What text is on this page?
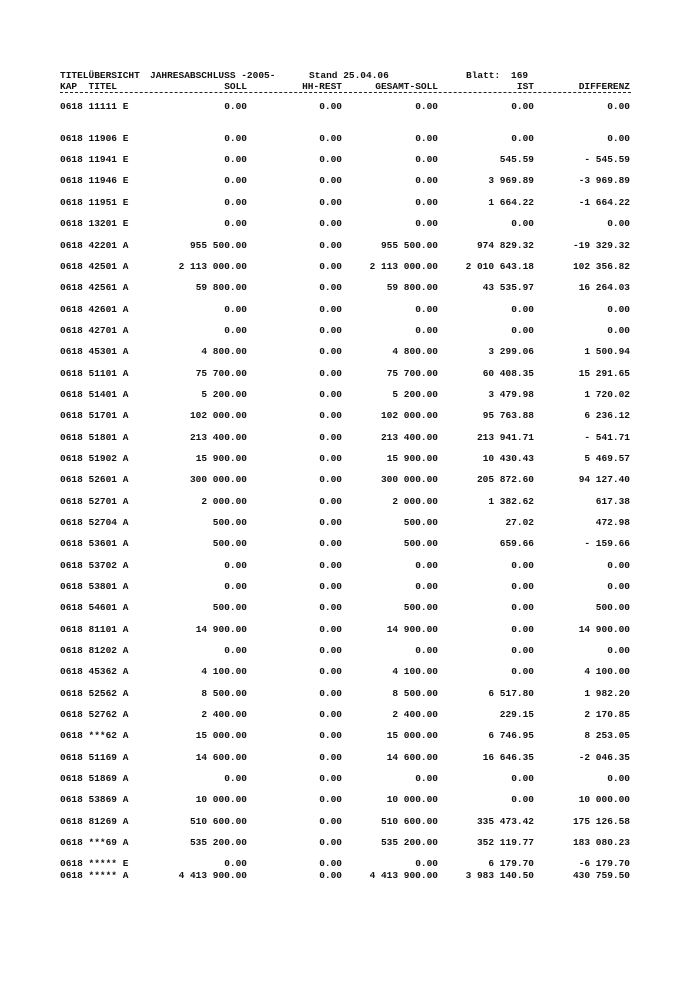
TITELÜBERSICHT JAHRESABSCHLUSS -2005-	Stand 25.04.06	Blatt: 169
KAP  TITEL	SOLL	HH-REST	GESAMT-SOLL	IST	DIFFERENZ
0618 11111 E	0.00	0.00	0.00	0.00	0.00
0618 11906 E	0.00	0.00	0.00	0.00	0.00
0618 11941 E	0.00	0.00	0.00	545.59	- 545.59
0618 11946 E	0.00	0.00	0.00	3 969.89	-3 969.89
0618 11951 E	0.00	0.00	0.00	1 664.22	-1 664.22
0618 13201 E	0.00	0.00	0.00	0.00	0.00
0618 42201 A	955 500.00	0.00	955 500.00	974 829.32	-19 329.32
0618 42501 A	2 113 000.00	0.00	2 113 000.00	2 010 643.18	102 356.82
0618 42561 A	59 800.00	0.00	59 800.00	43 535.97	16 264.03
0618 42601 A	0.00	0.00	0.00	0.00	0.00
0618 42701 A	0.00	0.00	0.00	0.00	0.00
0618 45301 A	4 800.00	0.00	4 800.00	3 299.06	1 500.94
0618 51101 A	75 700.00	0.00	75 700.00	60 408.35	15 291.65
0618 51401 A	5 200.00	0.00	5 200.00	3 479.98	1 720.02
0618 51701 A	102 000.00	0.00	102 000.00	95 763.88	6 236.12
0618 51801 A	213 400.00	0.00	213 400.00	213 941.71	- 541.71
0618 51902 A	15 900.00	0.00	15 900.00	10 430.43	5 469.57
0618 52601 A	300 000.00	0.00	300 000.00	205 872.60	94 127.40
0618 52701 A	2 000.00	0.00	2 000.00	1 382.62	617.38
0618 52704 A	500.00	0.00	500.00	27.02	472.98
0618 53601 A	500.00	0.00	500.00	659.66	- 159.66
0618 53702 A	0.00	0.00	0.00	0.00	0.00
0618 53801 A	0.00	0.00	0.00	0.00	0.00
0618 54601 A	500.00	0.00	500.00	0.00	500.00
0618 81101 A	14 900.00	0.00	14 900.00	0.00	14 900.00
0618 81202 A	0.00	0.00	0.00	0.00	0.00
0618 45362 A	4 100.00	0.00	4 100.00	0.00	4 100.00
0618 52562 A	8 500.00	0.00	8 500.00	6 517.80	1 982.20
0618 52762 A	2 400.00	0.00	2 400.00	229.15	2 170.85
0618 ***62 A	15 000.00	0.00	15 000.00	6 746.95	8 253.05
0618 51169 A	14 600.00	0.00	14 600.00	16 646.35	-2 046.35
0618 51869 A	0.00	0.00	0.00	0.00	0.00
0618 53869 A	10 000.00	0.00	10 000.00	0.00	10 000.00
0618 81269 A	510 600.00	0.00	510 600.00	335 473.42	175 126.58
0618 ***69 A	535 200.00	0.00	535 200.00	352 119.77	183 080.23
0618 ***** E	0.00	0.00	0.00	6 179.70	-6 179.70
0618 ***** A	4 413 900.00	0.00	4 413 900.00	3 983 140.50	430 759.50
